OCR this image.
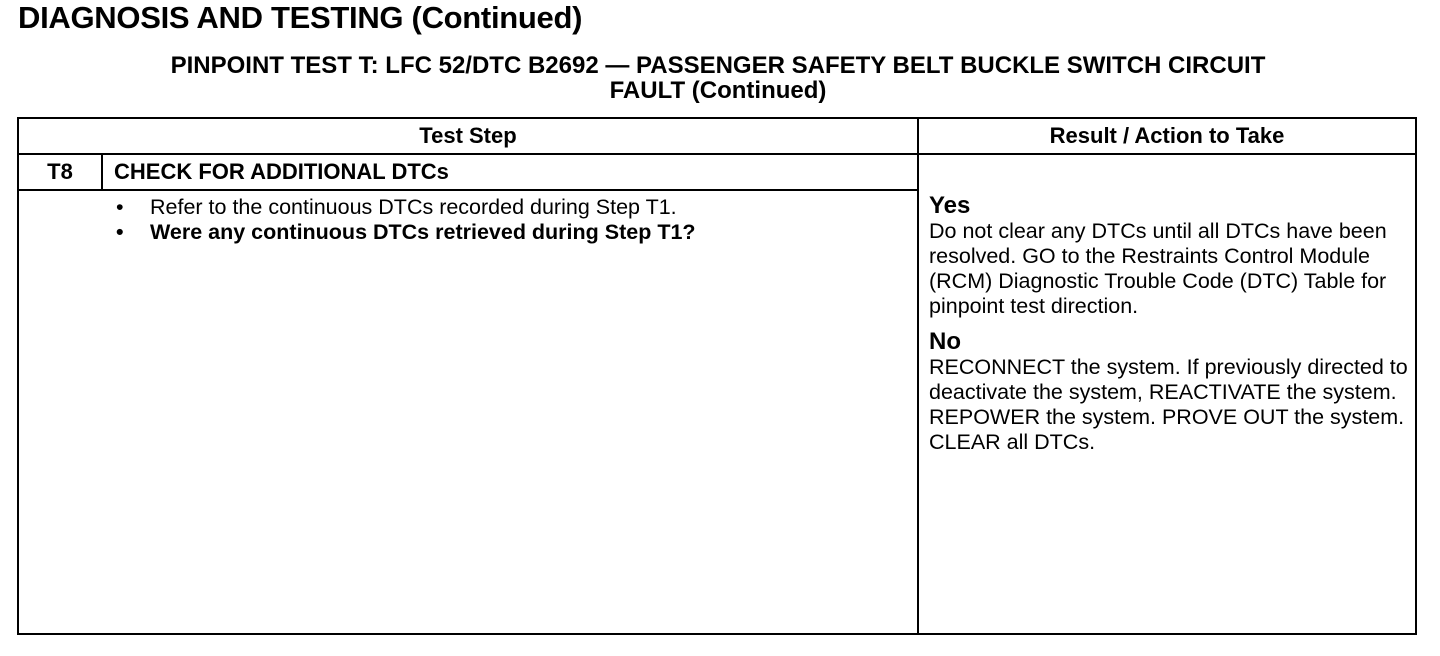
DIAGNOSIS AND TESTING (Continued)
PINPOINT TEST T: LFC 52/DTC B2692 — PASSENGER SAFETY BELT BUCKLE SWITCH CIRCUIT
FAULT (Continued)
Test Step	Result / Action to Take
T8	CHECK FOR ADDITIONAL DTCs
• Refer to the continuous DTCs recorded during Step T1.
• Were any continuous DTCs retrieved during Step T1?

Yes

Do not clear any DTCs until all DTCs have been resolved. GO to the Restraints Control Module (RCM) Diagnostic Trouble Code (DTC) Table for pinpoint test direction.

No

RECONNECT the system. If previously directed to deactivate the system, REACTIVATE the system. REPOWER the system. PROVE OUT the system. CLEAR all DTCs.
